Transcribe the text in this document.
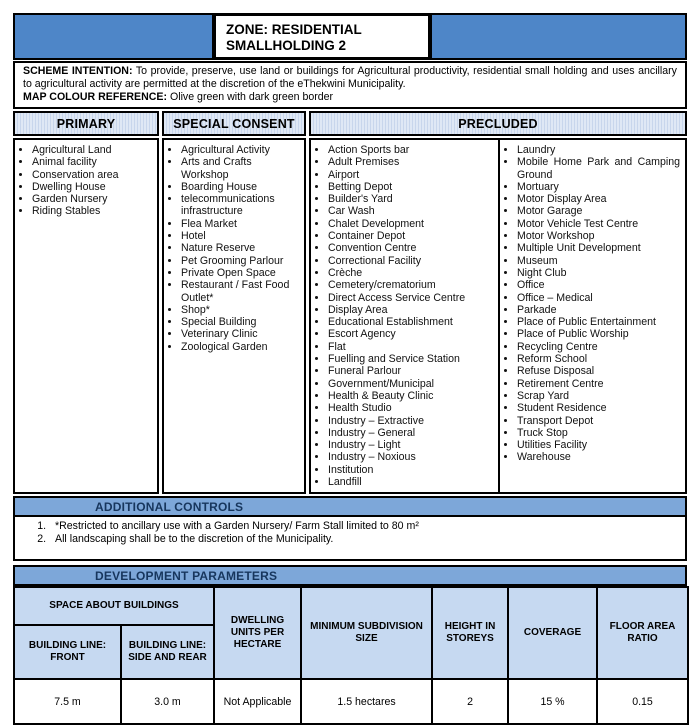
ZONE: RESIDENTIAL SMALLHOLDING 2

SCHEME INTENTION: To provide, preserve, use land or buildings for Agricultural productivity, residential small holding and uses ancillary to agricultural activity are permitted at the discretion of the eThekwini Municipality.

MAP COLOUR REFERENCE: Olive green with dark green border

PRIMARY
• Agricultural Land
• Animal facility
• Conservation area
• Dwelling House
• Garden Nursery
• Riding Stables
SPECIAL CONSENT
• Agricultural Activity
• Arts and Crafts Workshop
• Boarding House
• telecommunications infrastructure
• Flea Market
• Hotel
• Nature Reserve
• Pet Grooming Parlour
• Private Open Space
• Restaurant / Fast Food Outlet*
• Shop*
• Special Building
• Veterinary Clinic
• Zoological Garden
PRECLUDED
• Action Sports bar
• Adult Premises
• Airport
• Betting Depot
• Builder's Yard
• Car Wash
• Chalet Development
• Container Depot
• Convention Centre
• Correctional Facility
• Crèche
• Cemetery/crematorium
• Direct Access Service Centre
• Display Area
• Educational Establishment
• Escort Agency
• Flat
• Fuelling and Service Station
• Funeral Parlour
• Government/Municipal
• Health & Beauty Clinic
• Health Studio
• Industry – Extractive
• Industry – General
• Industry – Light
• Industry – Noxious
• Institution
• Landfill
• Laundry
• Mobile Home Park and Camping Ground
• Mortuary
• Motor Display Area
• Motor Garage
• Motor Vehicle Test Centre
• Motor Workshop
• Multiple Unit Development
• Museum
• Night Club
• Office
• Office – Medical
• Parkade
• Place of Public Entertainment
• Place of Public Worship
• Recycling Centre
• Reform School
• Refuse Disposal
• Retirement Centre
• Scrap Yard
• Student Residence
• Transport Depot
• Truck Stop
• Utilities Facility
• Warehouse
ADDITIONAL CONTROLS
1. *Restricted to ancillary use with a Garden Nursery/ Farm Stall limited to 80 m²
2. All landscaping shall be to the discretion of the Municipality.
DEVELOPMENT PARAMETERS
SPACE ABOUT BUILDINGS		DWELLING UNITS PER HECTARE	MINIMUM SUBDIVISION SIZE	HEIGHT IN STOREYS	COVERAGE	FLOOR AREA RATIO
BUILDING LINE: FRONT	BUILDING LINE: SIDE AND REAR					
7.5 m	3.0 m	Not Applicable	1.5 hectares	2	15 %	0.15
